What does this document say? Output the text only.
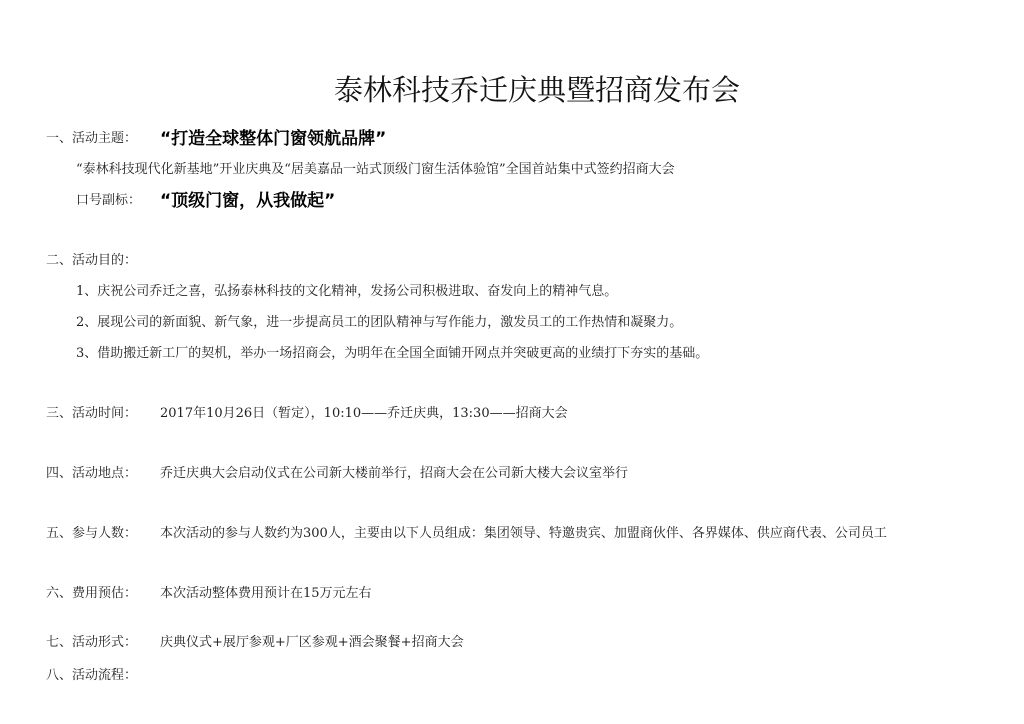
泰林科技乔迁庆典暨招商发布会
一、活动主题： “打造全球整体门窗领航品牌”
“泰林科技现代化新基地”开业庆典及“居美嘉品一站式顶级门窗生活体验馆”全国首站集中式签约招商大会
口号副标： “顶级门窗，从我做起”
二、活动目的：
1、庆祝公司乔迁之喜，弘扬泰林科技的文化精神，发扬公司积极进取、奋发向上的精神气息。
2、展现公司的新面貌、新气象，进一步提高员工的团队精神与写作能力，激发员工的工作热情和凝聚力。
3、借助搬迁新工厂的契机，举办一场招商会，为明年在全国全面铺开网点并突破更高的业绩打下夯实的基础。
三、活动时间： 2017年10月26日（暂定），10:10——乔迁庆典，13:30——招商大会
四、活动地点： 乔迁庆典大会启动仪式在公司新大楼前举行，招商大会在公司新大楼大会议室举行
五、参与人数： 本次活动的参与人数约为300人，主要由以下人员组成：集团领导、特邀贵宾、加盟商伙伴、各界媒体、供应商代表、公司员工
六、费用预估： 本次活动整体费用预计在15万元左右
七、活动形式： 庆典仪式+展厅参观+厂区参观+酒会聚餐+招商大会
八、活动流程：
